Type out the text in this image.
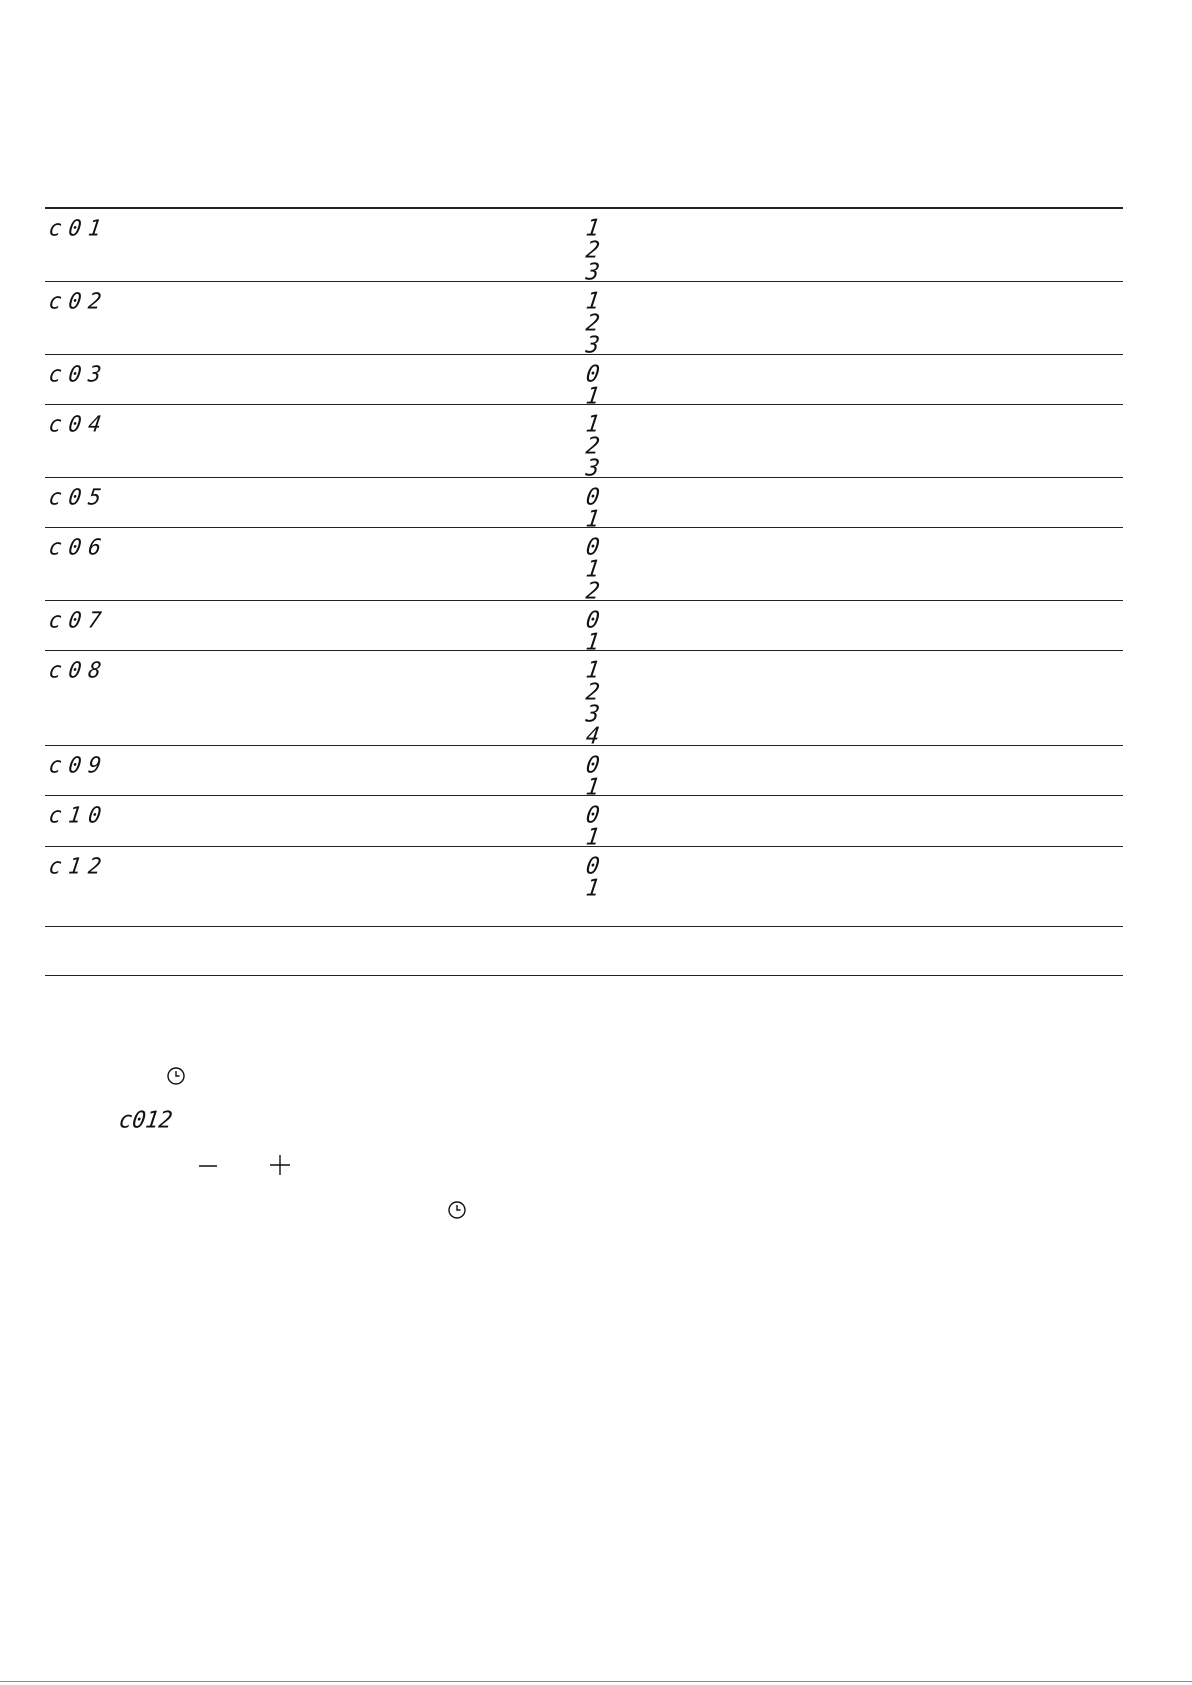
c01	1
2
3
c02	1
2
3
c03	0
1
c04	1
2
3
c05	0
1
c06	0
1
2
c07	0
1
c08	1
2
3
4
c09	0
1
c10	0
1
c12	0
1
c012
